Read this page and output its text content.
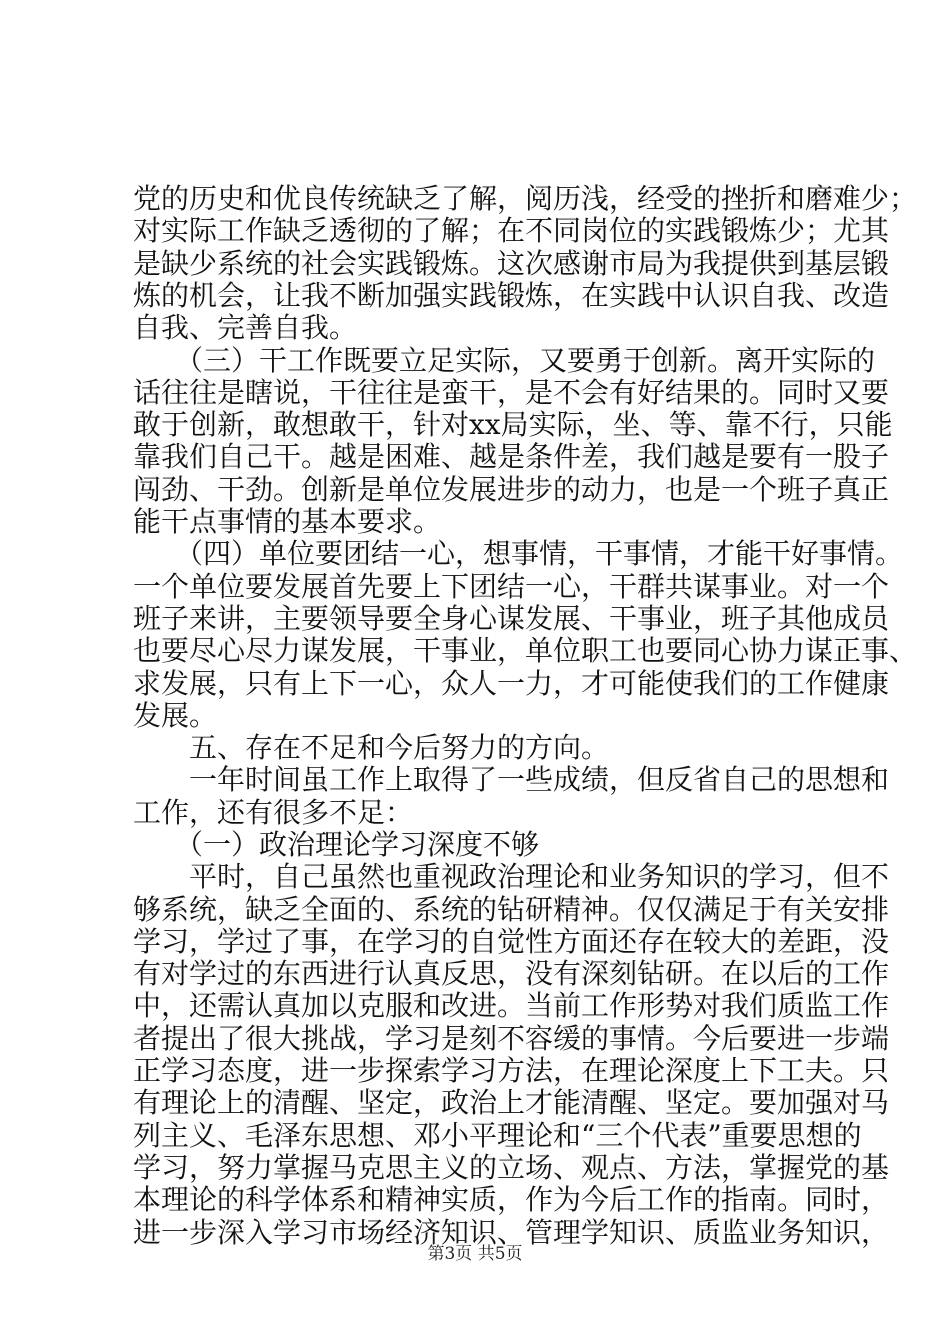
党的历史和优良传统缺乏了解，阅历浅，经受的挫折和磨难少；
对实际工作缺乏透彻的了解；在不同岗位的实践锻炼少；尤其
是缺少系统的社会实践锻炼。这次感谢市局为我提供到基层锻
炼的机会，让我不断加强实践锻炼，在实践中认识自我、改造
自我、完善自我。
　　（三）干工作既要立足实际，又要勇于创新。离开实际的
话往往是瞎说，干往往是蛮干，是不会有好结果的。同时又要
敢于创新，敢想敢干，针对xx局实际，坐、等、靠不行，只能
靠我们自己干。越是困难、越是条件差，我们越是要有一股子
闯劲、干劲。创新是单位发展进步的动力，也是一个班子真正
能干点事情的基本要求。
　　（四）单位要团结一心，想事情，干事情，才能干好事情。
一个单位要发展首先要上下团结一心，干群共谋事业。对一个
班子来讲，主要领导要全身心谋发展、干事业，班子其他成员
也要尽心尽力谋发展，干事业，单位职工也要同心协力谋正事、
求发展，只有上下一心，众人一力，才可能使我们的工作健康
发展。
　　五、存在不足和今后努力的方向。
　　一年时间虽工作上取得了一些成绩，但反省自己的思想和
工作，还有很多不足：
　　（一）政治理论学习深度不够
　　平时，自己虽然也重视政治理论和业务知识的学习，但不
够系统，缺乏全面的、系统的钻研精神。仅仅满足于有关安排
学习，学过了事，在学习的自觉性方面还存在较大的差距，没
有对学过的东西进行认真反思，没有深刻钻研。在以后的工作
中，还需认真加以克服和改进。当前工作形势对我们质监工作
者提出了很大挑战，学习是刻不容缓的事情。今后要进一步端
正学习态度，进一步探索学习方法，在理论深度上下工夫。只
有理论上的清醒、坚定，政治上才能清醒、坚定。要加强对马
列主义、毛泽东思想、邓小平理论和“三个代表”重要思想的
学习，努力掌握马克思主义的立场、观点、方法，掌握党的基
第3页 共5页
本理论的科学体系和精神实质，作为今后工作的指南。同时，
进一步深入学习市场经济知识、管理学知识、质监业务知识，
